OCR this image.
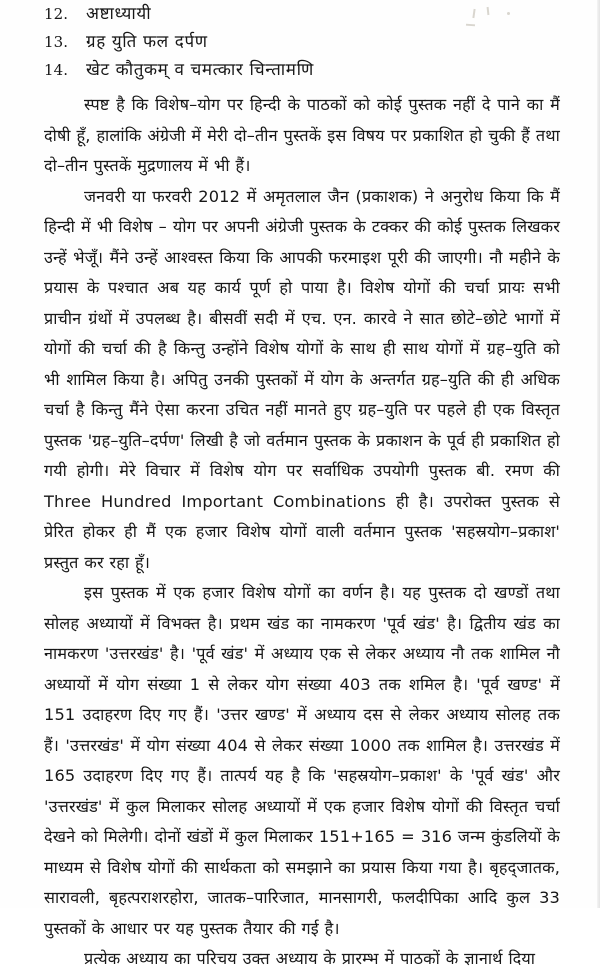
12.	अष्टाध्यायी
13.	ग्रह युति फल दर्पण
14.	खेट कौतुकम् व चमत्कार चिन्तामणि

स्पष्ट है कि विशेष–योग पर हिन्दी के पाठकों को कोई पुस्तक नहीं दे पाने का मैं दोषी हूँ, हालांकि अंग्रेजी में मेरी दो–तीन पुस्तकें इस विषय पर प्रकाशित हो चुकी हैं तथा दो–तीन पुस्तकें मुद्रणालय में भी हैं।

जनवरी या फरवरी 2012 में अमृतलाल जैन (प्रकाशक) ने अनुरोध किया कि मैं हिन्दी में भी विशेष – योग पर अपनी अंग्रेजी पुस्तक के टक्कर की कोई पुस्तक लिखकर उन्हें भेजूँ। मैंने उन्हें आश्वस्त किया कि आपकी फरमाइश पूरी की जाएगी। नौ महीने के प्रयास के पश्चात अब यह कार्य पूर्ण हो पाया है। विशेष योगों की चर्चा प्रायः सभी प्राचीन ग्रंथों में उपलब्ध है। बीसवीं सदी में एच. एन. कारवे ने सात छोटे–छोटे भागों में योगों की चर्चा की है किन्तु उन्होंने विशेष योगों के साथ ही साथ योगों में ग्रह–युति को भी शामिल किया है। अपितु उनकी पुस्तकों में योग के अन्तर्गत ग्रह–युति की ही अधिक चर्चा है किन्तु मैंने ऐसा करना उचित नहीं मानते हुए ग्रह–युति पर पहले ही एक विस्तृत पुस्तक 'ग्रह–युति–दर्पण' लिखी है जो वर्तमान पुस्तक के प्रकाशन के पूर्व ही प्रकाशित हो गयी होगी। मेरे विचार में विशेष योग पर सर्वाधिक उपयोगी पुस्तक बी. रमण की Three Hundred Important Combinations ही है। उपरोक्त पुस्तक से प्रेरित होकर ही मैं एक हजार विशेष योगों वाली वर्तमान पुस्तक 'सहस्रयोग–प्रकाश' प्रस्तुत कर रहा हूँ।

इस पुस्तक में एक हजार विशेष योगों का वर्णन है। यह पुस्तक दो खण्डों तथा सोलह अध्यायों में विभक्त है। प्रथम खंड का नामकरण 'पूर्व खंड' है। द्वितीय खंड का नामकरण 'उत्तरखंड' है। 'पूर्व खंड' में अध्याय एक से लेकर अध्याय नौ तक शामिल नौ अध्यायों में योग संख्या 1 से लेकर योग संख्या 403 तक शमिल है। 'पूर्व खण्ड' में 151 उदाहरण दिए गए हैं। 'उत्तर खण्ड' में अध्याय दस से लेकर अध्याय सोलह तक हैं। 'उत्तरखंड' में योग संख्या 404 से लेकर संख्या 1000 तक शामिल है। उत्तरखंड में 165 उदाहरण दिए गए हैं। तात्पर्य यह है कि 'सहस्रयोग–प्रकाश' के 'पूर्व खंड' और 'उत्तरखंड' में कुल मिलाकर सोलह अध्यायों में एक हजार विशेष योगों की विस्तृत चर्चा देखने को मिलेगी। दोनों खंडों में कुल मिलाकर 151+165 = 316 जन्म कुंडलियों के माध्यम से विशेष योगों की सार्थकता को समझाने का प्रयास किया गया है। बृहद्जातक, सारावली, बृहत्पराशरहोरा, जातक–पारिजात, मानसागरी, फलदीपिका आदि कुल 33 पुस्तकों के आधार पर यह पुस्तक तैयार की गई है।

प्रत्येक अध्याय का परिचय उक्त अध्याय के प्रारम्भ में पाठकों के ज्ञानार्थ दिया
